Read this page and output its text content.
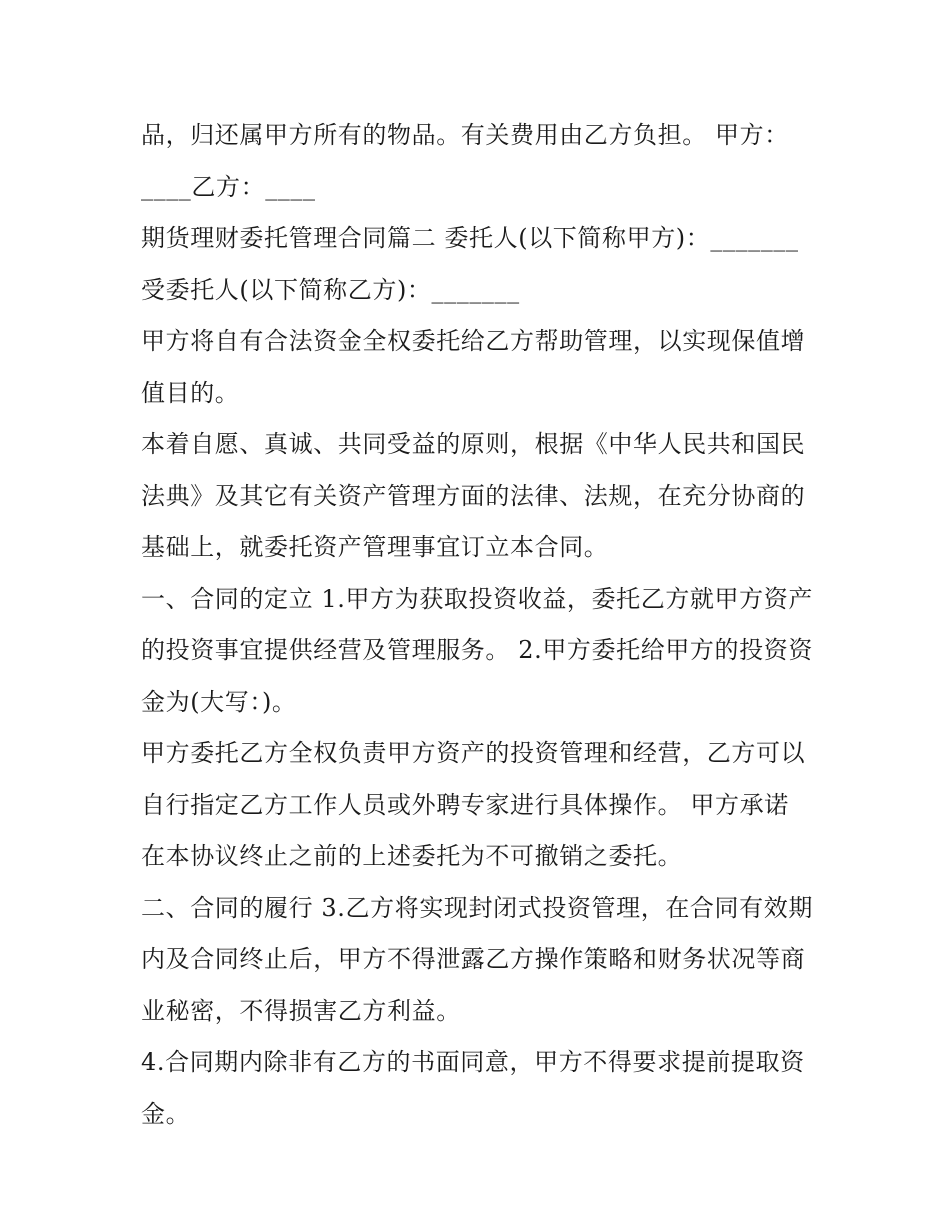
品，归还属甲方所有的物品。有关费用由乙方负担。 甲方：
____乙方：____
期货理财委托管理合同篇二 委托人(以下简称甲方)：_______
受委托人(以下简称乙方)：_______
甲方将自有合法资金全权委托给乙方帮助管理，以实现保值增
值目的。
本着自愿、真诚、共同受益的原则，根据《中华人民共和国民
法典》及其它有关资产管理方面的法律、法规，在充分协商的
基础上，就委托资产管理事宜订立本合同。
一、合同的定立 1.甲方为获取投资收益，委托乙方就甲方资产
的投资事宜提供经营及管理服务。 2.甲方委托给甲方的投资资
金为(大写：)。
甲方委托乙方全权负责甲方资产的投资管理和经营，乙方可以
自行指定乙方工作人员或外聘专家进行具体操作。 甲方承诺
在本协议终止之前的上述委托为不可撤销之委托。
二、合同的履行 3.乙方将实现封闭式投资管理，在合同有效期
内及合同终止后，甲方不得泄露乙方操作策略和财务状况等商
业秘密，不得损害乙方利益。
4.合同期内除非有乙方的书面同意，甲方不得要求提前提取资
金。
